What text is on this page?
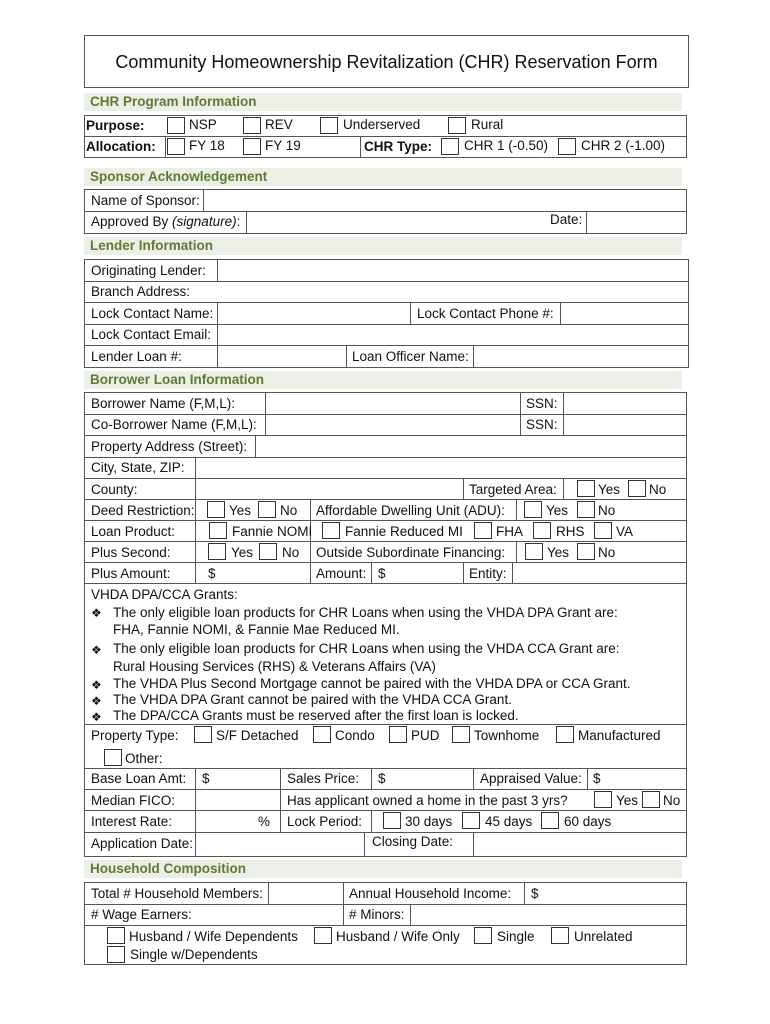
Community Homeownership Revitalization (CHR) Reservation Form
CHR Program Information
Purpose:	NSP	REV	Underserved	Rural
Allocation: FY 18	FY 19	CHR Type: CHR 1 (-0.50) CHR 2 (-1.00)
Sponsor Acknowledgement
Name of Sponsor:
Approved By (signature):	Date:
Lender Information
Originating Lender:
Branch Address:
Lock Contact Name:	Lock Contact Phone #:
Lock Contact Email:
Lender Loan #:	Loan Officer Name:
Borrower Loan Information
Borrower Name (F,M,L):	SSN:
Co-Borrower Name (F,M,L):	SSN:
Property Address (Street):
City, State, ZIP:
County:	Targeted Area:	Yes No
Deed Restriction:	Yes No Affordable Dwelling Unit (ADU):	Yes No
Loan Product:	Fannie NOMI Fannie Reduced MI FHA RHS VA
Plus Second:	Yes No Outside Subordinate Financing:	Yes No
Plus Amount:	$	Amount: $	Entity:
VHDA DPA/CCA Grants:
❖ The only eligible loan products for CHR Loans when using the VHDA DPA Grant are:
FHA, Fannie NOMI, & Fannie Mae Reduced MI.
❖ The only eligible loan products for CHR Loans when using the VHDA CCA Grant are:
Rural Housing Services (RHS) & Veterans Affairs (VA)
❖ The VHDA Plus Second Mortgage cannot be paired with the VHDA DPA or CCA Grant.
❖ The VHDA DPA Grant cannot be paired with the VHDA CCA Grant.
❖ The DPA/CCA Grants must be reserved after the first loan is locked.
Property Type:	S/F Detached	Condo	PUD	Townhome	Manufactured
Other:
Base Loan Amt: $	Sales Price: $	Appraised Value: $
Median FICO:	Has applicant owned a home in the past 3 yrs?	Yes No
Interest Rate:	% Lock Period:	30 days 45 days 60 days
Application Date:	Closing Date:
Household Composition
Total # Household Members:	Annual Household Income: $
# Wage Earners:	# Minors:
Husband / Wife Dependents	Husband / Wife Only	Single	Unrelated
Single w/Dependents
